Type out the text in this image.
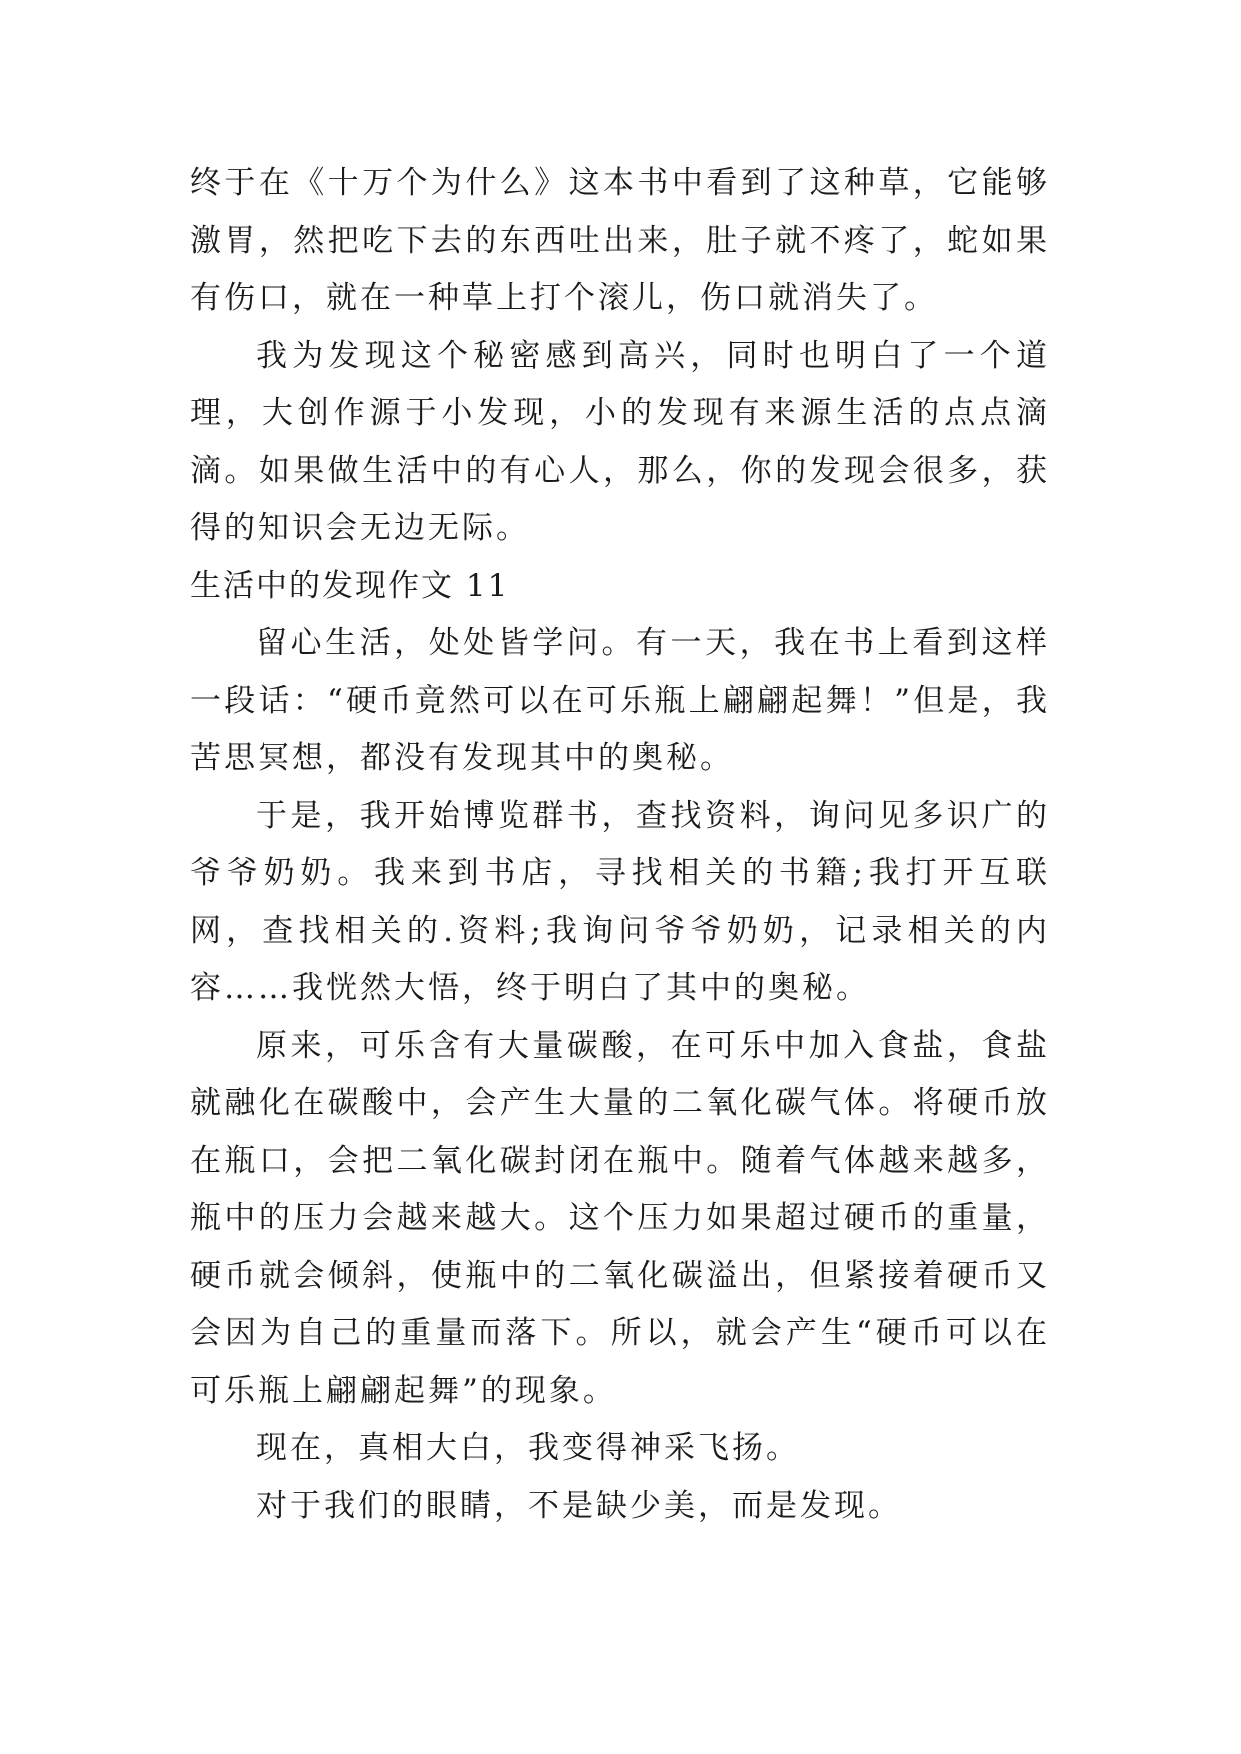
终于在《十万个为什么》这本书中看到了这种草，它能够激胃，然把吃下去的东西吐出来，肚子就不疼了，蛇如果有伤口，就在一种草上打个滚儿，伤口就消失了。

我为发现这个秘密感到高兴，同时也明白了一个道理，大创作源于小发现，小的发现有来源生活的点点滴滴。如果做生活中的有心人，那么，你的发现会很多，获得的知识会无边无际。

生活中的发现作文 11

留心生活，处处皆学问。有一天，我在书上看到这样一段话：“硬币竟然可以在可乐瓶上翩翩起舞！”但是，我苦思冥想，都没有发现其中的奥秘。

于是，我开始博览群书，查找资料，询问见多识广的爷爷奶奶。我来到书店，寻找相关的书籍;我打开互联网，查找相关的.资料;我询问爷爷奶奶，记录相关的内容……我恍然大悟，终于明白了其中的奥秘。

原来，可乐含有大量碳酸，在可乐中加入食盐，食盐就融化在碳酸中，会产生大量的二氧化碳气体。将硬币放在瓶口，会把二氧化碳封闭在瓶中。随着气体越来越多，瓶中的压力会越来越大。这个压力如果超过硬币的重量，硬币就会倾斜，使瓶中的二氧化碳溢出，但紧接着硬币又会因为自己的重量而落下。所以，就会产生“硬币可以在可乐瓶上翩翩起舞”的现象。

现在，真相大白，我变得神采飞扬。

对于我们的眼睛，不是缺少美，而是发现。
